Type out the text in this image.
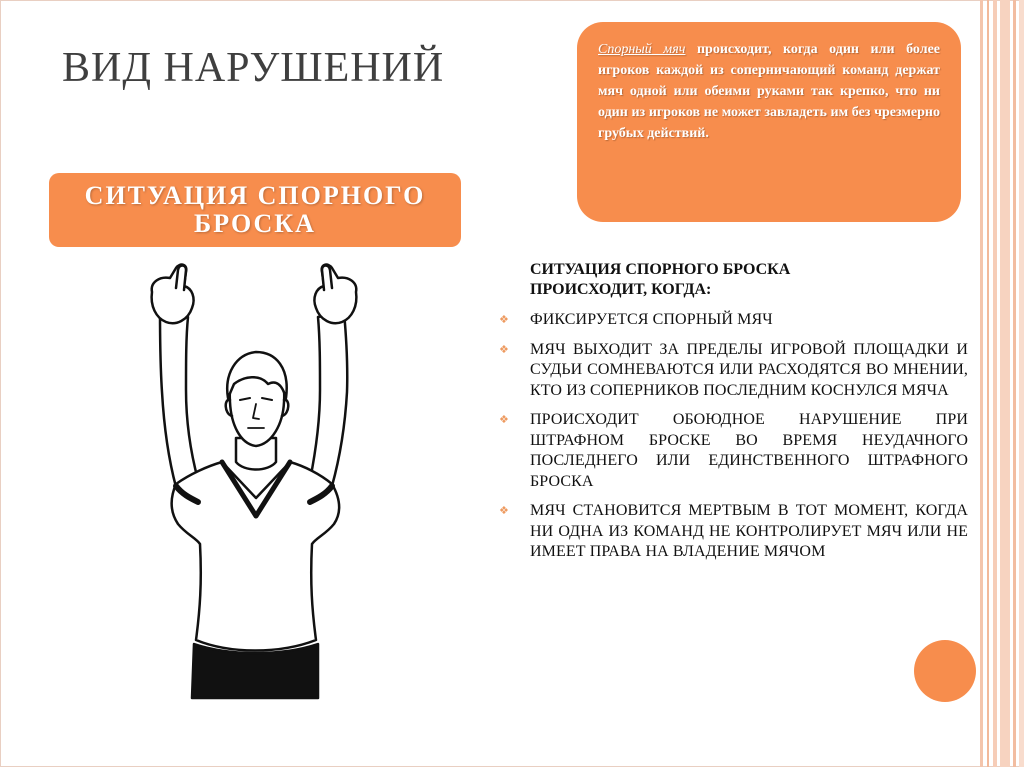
ВИД НАРУШЕНИЙ
СИТУАЦИЯ СПОРНОГО
БРОСКА

Спорный мяч происходит, когда один или более игроков каждой из соперничающий команд держат мяч одной или обеими руками так крепко, что ни один из игроков не может завладеть им без чрезмерно грубых действий.

СИТУАЦИЯ СПОРНОГО БРОСКА
ПРОИСХОДИТ, КОГДА:

❖ ФИКСИРУЕТСЯ СПОРНЫЙ МЯЧ
❖ МЯЧ ВЫХОДИТ ЗА ПРЕДЕЛЫ ИГРОВОЙ ПЛОЩАДКИ И СУДЬИ СОМНЕВАЮТСЯ ИЛИ РАСХОДЯТСЯ ВО МНЕНИИ, КТО ИЗ СОПЕРНИКОВ ПОСЛЕДНИМ КОСНУЛСЯ МЯЧА
❖ ПРОИСХОДИТ ОБОЮДНОЕ НАРУШЕНИЕ ПРИ ШТРАФНОМ БРОСКЕ ВО ВРЕМЯ НЕУДАЧНОГО ПОСЛЕДНЕГО ИЛИ ЕДИНСТВЕННОГО ШТРАФНОГО БРОСКА
❖ МЯЧ СТАНОВИТСЯ МЕРТВЫМ В ТОТ МОМЕНТ, КОГДА НИ ОДНА ИЗ КОМАНД НЕ КОНТРОЛИРУЕТ МЯЧ ИЛИ НЕ ИМЕЕТ ПРАВА НА ВЛАДЕНИЕ МЯЧОМ
